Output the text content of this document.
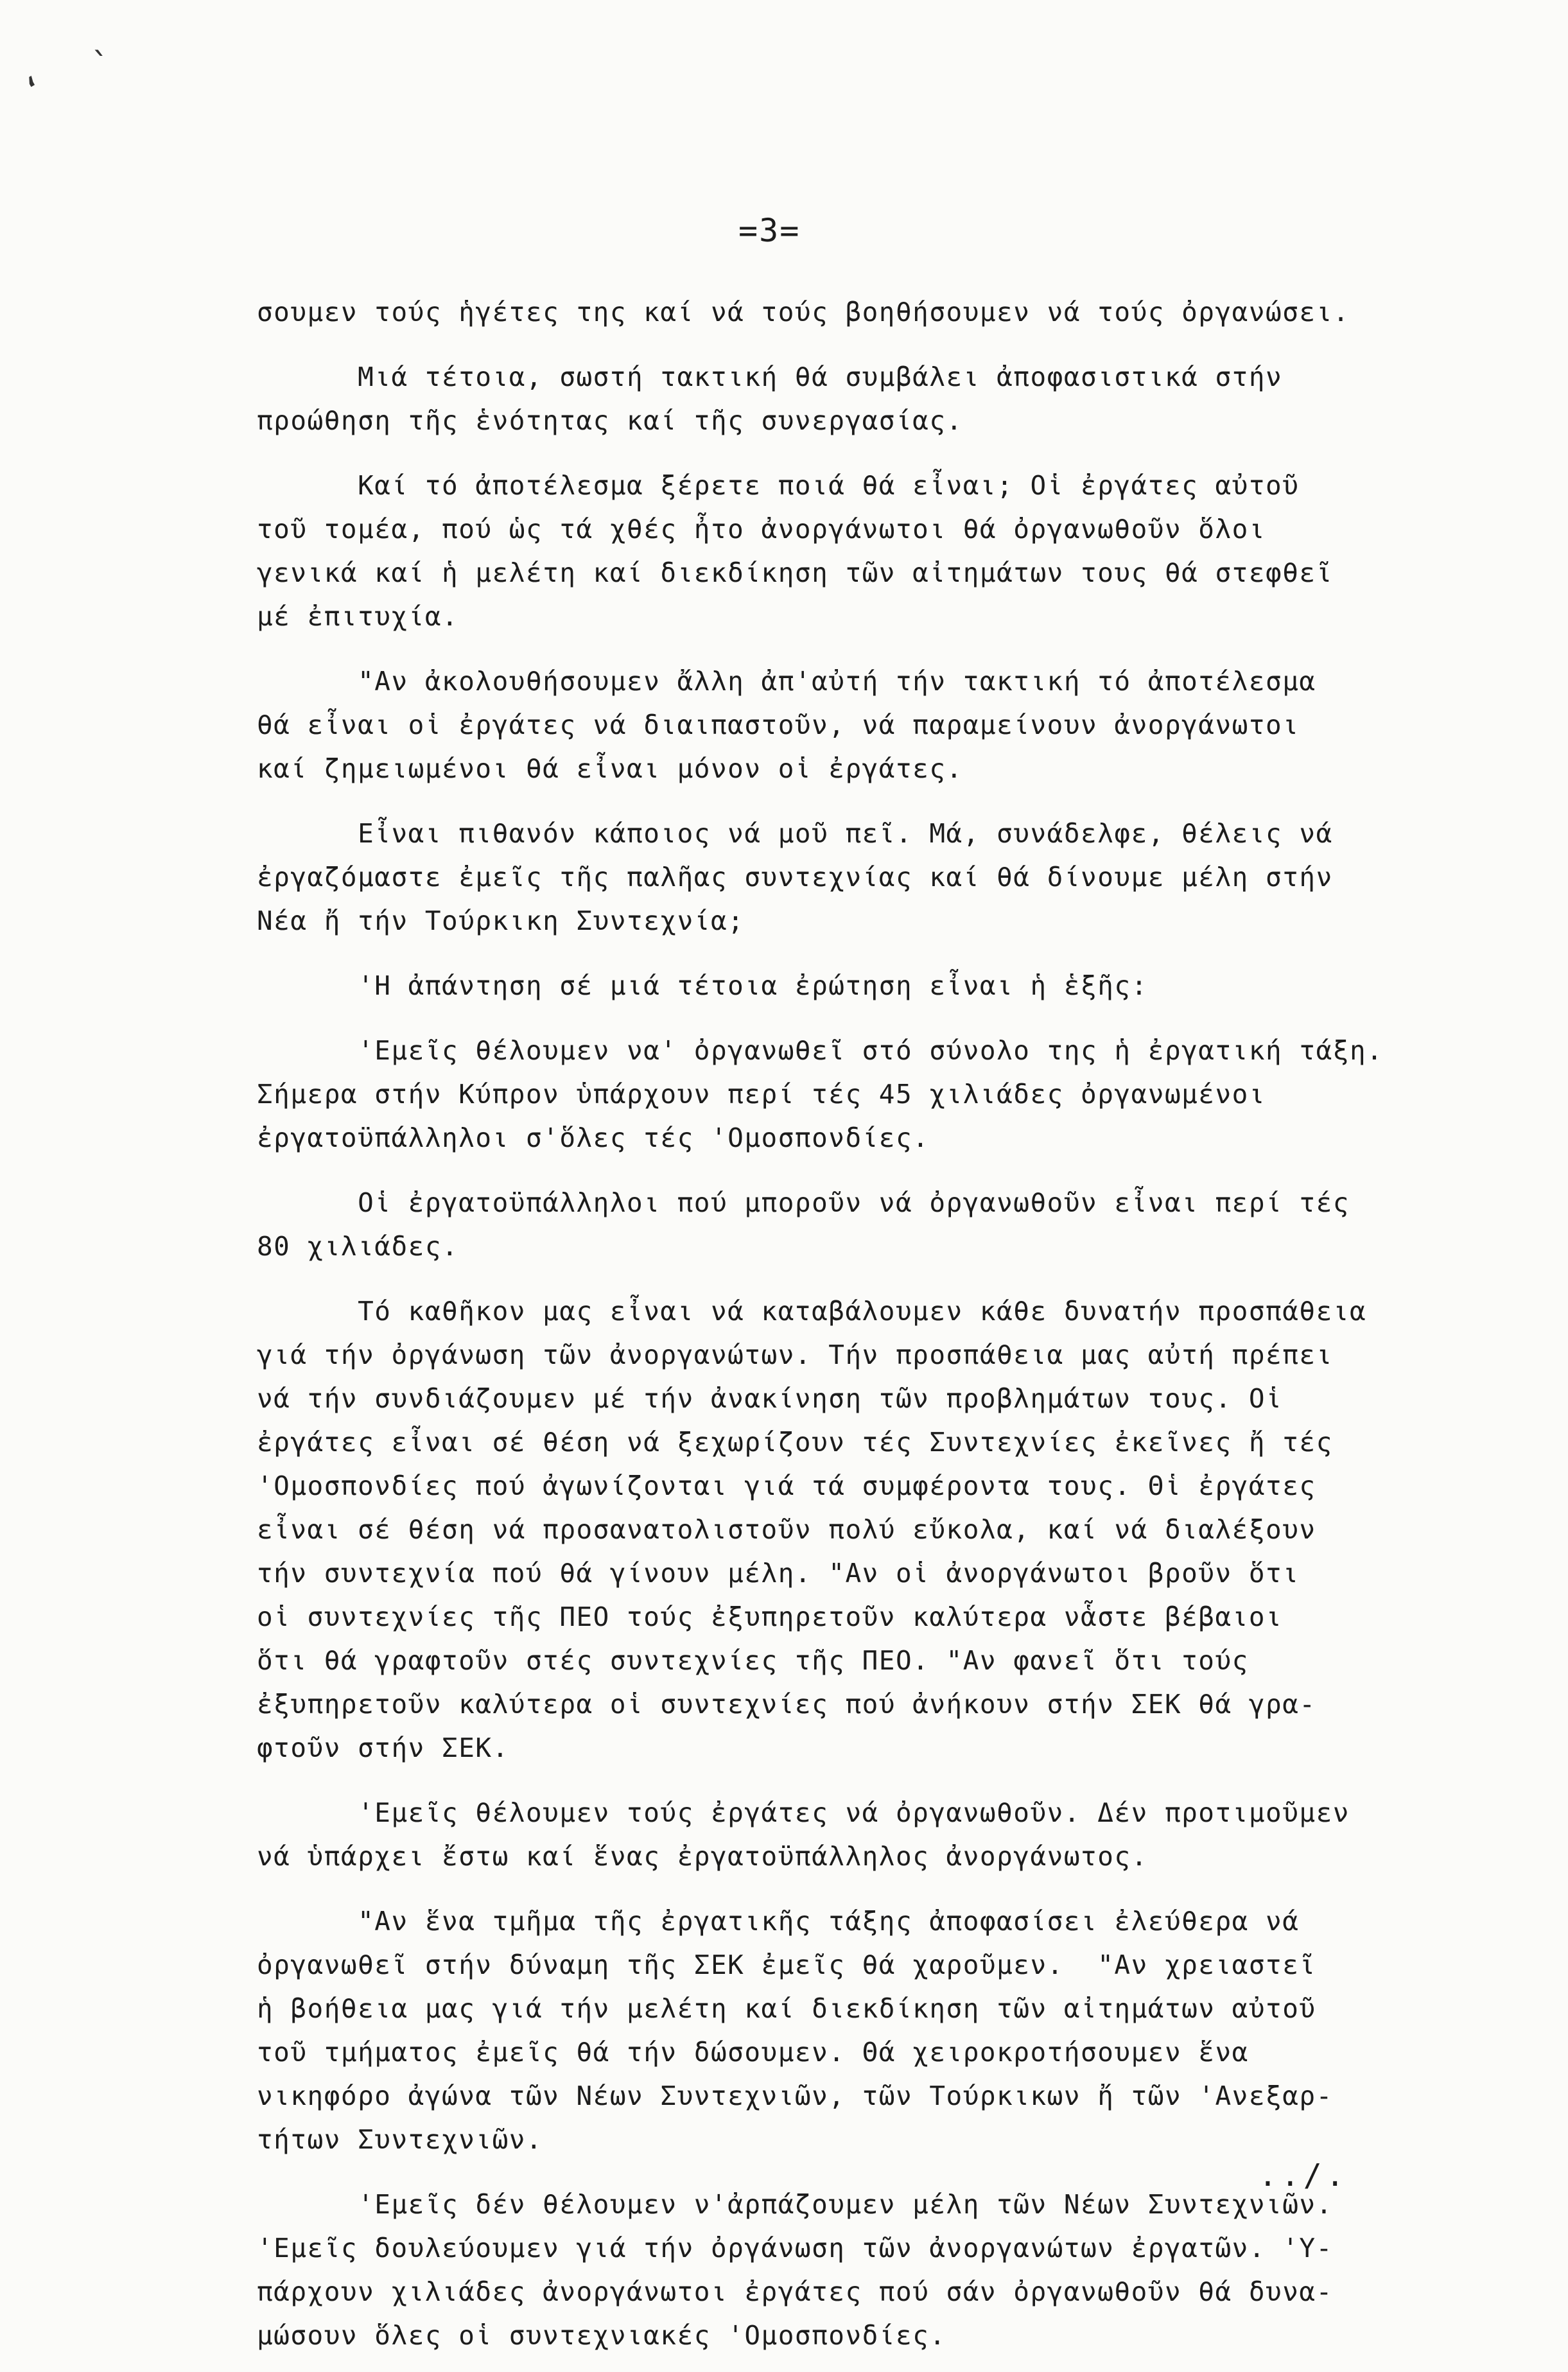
ˎ
ʻ
=3=
σουμεν τούς ἡγέτες της καί νά τούς βοηθήσουμεν νά τούς ὀργανώσει.
Μιά τέτοια, σωστή τακτική θά συμβάλει ἀποφασιστικά στήν
προώθηση τῆς ἑνότητας καί τῆς συνεργασίας.
Καί τό ἀποτέλεσμα ξέρετε ποιά θά εἶναι; Οἱ ἐργάτες αὐτοῦ
τοῦ τομέα, πού ὡς τά χθές ἦτο ἀνοργάνωτοι θά ὀργανωθοῦν ὅλοι
γενικά καί ἡ μελέτη καί διεκδίκηση τῶν αἰτημάτων τους θά στεφθεῖ
μέ ἐπιτυχία.
"Αν ἀκολουθήσουμεν ἄλλη ἀπ'αὐτή τήν τακτική τό ἀποτέλεσμα
θά εἶναι οἱ ἐργάτες νά διαιπαστοῦν, νά παραμείνουν ἀνοργάνωτοι
καί ζημειωμένοι θά εἶναι μόνον οἱ ἐργάτες.
Εἶναι πιθανόν κάποιος νά μοῦ πεῖ. Μά, συνάδελφε, θέλεις νά
ἐργαζόμαστε ἐμεῖς τῆς παλῆας συντεχνίας καί θά δίνουμε μέλη στήν
Νέα ἤ τήν Τούρκικη Συντεχνία;
'Η ἀπάντηση σέ μιά τέτοια ἐρώτηση εἶναι ἡ ἑξῆς:
'Εμεῖς θέλουμεν να' ὀργανωθεῖ στό σύνολο της ἡ ἐργατική τάξη.
Σήμερα στήν Κύπρον ὑπάρχουν περί τές 45 χιλιάδες ὀργανωμένοι
ἐργατοϋπάλληλοι σ'ὅλες τές 'Ομοσπονδίες.
Οἱ ἐργατοϋπάλληλοι πού μποροῦν νά ὀργανωθοῦν εἶναι περί τές
80 χιλιάδες.
Τό καθῆκον μας εἶναι νά καταβάλουμεν κάθε δυνατήν προσπάθεια
γιά τήν ὀργάνωση τῶν ἀνοργανώτων. Τήν προσπάθεια μας αὐτή πρέπει
νά τήν συνδιάζουμεν μέ τήν ἀνακίνηση τῶν προβλημάτων τους. Οἱ
ἐργάτες εἶναι σέ θέση νά ξεχωρίζουν τές Συντεχνίες ἐκεῖνες ἤ τές
'Ομοσπονδίες πού ἀγωνίζονται γιά τά συμφέροντα τους. Θἱ ἐργάτες
εἶναι σέ θέση νά προσανατολιστοῦν πολύ εὔκολα, καί νά διαλέξουν
τήν συντεχνία πού θά γίνουν μέλη. "Αν οἱ ἀνοργάνωτοι βροῦν ὅτι
οἱ συντεχνίες τῆς ΠΕΟ τούς ἐξυπηρετοῦν καλύτερα νἇστε βέβαιοι
ὅτι θά γραφτοῦν στές συντεχνίες τῆς ΠΕΟ. "Αν φανεῖ ὅτι τούς
ἐξυπηρετοῦν καλύτερα οἱ συντεχνίες πού ἀνήκουν στήν ΣΕΚ θά γρα-
φτοῦν στήν ΣΕΚ.
'Εμεῖς θέλουμεν τούς ἐργάτες νά ὀργανωθοῦν. Δέν προτιμοῦμεν
νά ὑπάρχει ἔστω καί ἕνας ἐργατοϋπάλληλος ἀνοργάνωτος.
"Αν ἕνα τμῆμα τῆς ἐργατικῆς τάξης ἀποφασίσει ἐλεύθερα νά
ὀργανωθεῖ στήν δύναμη τῆς ΣΕΚ ἐμεῖς θά χαροῦμεν.  "Αν χρειαστεῖ
ἡ βοήθεια μας γιά τήν μελέτη καί διεκδίκηση τῶν αἰτημάτων αὐτοῦ
τοῦ τμήματος ἐμεῖς θά τήν δώσουμεν. Θά χειροκροτήσουμεν ἕνα
νικηφόρο ἀγώνα τῶν Νέων Συντεχνιῶν, τῶν Τούρκικων ἤ τῶν 'Ανεξαρ-
τήτων Συντεχνιῶν.
'Εμεῖς δέν θέλουμεν ν'ἀρπάζουμεν μέλη τῶν Νέων Συντεχνιῶν.
'Εμεῖς δουλεύουμεν γιά τήν ὀργάνωση τῶν ἀνοργανώτων ἐργατῶν. 'Υ-
πάρχουν χιλιάδες ἀνοργάνωτοι ἐργάτες πού σάν ὀργανωθοῦν θά δυνα-
μώσουν ὅλες οἱ συντεχνιακές 'Ομοσπονδίες.
../.
